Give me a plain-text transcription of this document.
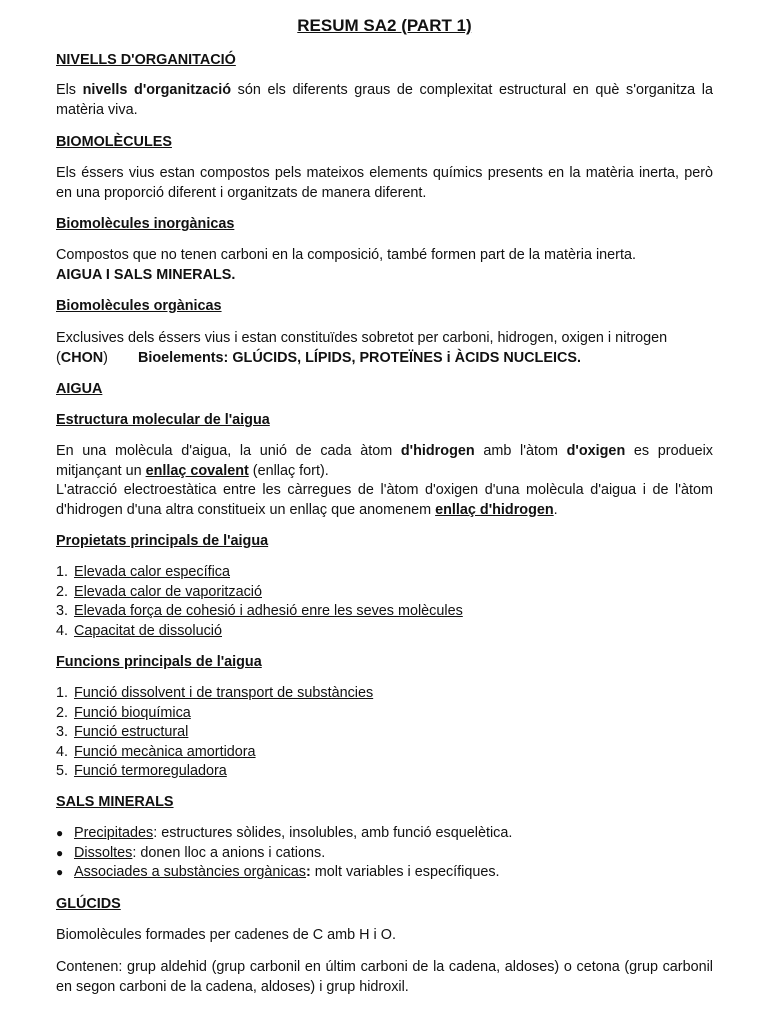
RESUM SA2 (PART 1)
NIVELLS D'ORGANITACIÓ
Els nivells d'organització són els diferents graus de complexitat estructural en què s'organitza la matèria viva.
BIOMOLÈCULES
Els éssers vius estan compostos pels mateixos elements químics presents en la matèria inerta, però en una proporció diferent i organitzats de manera diferent.
Biomolècules inorgànicas
Compostos que no tenen carboni en la composició, també formen part de la matèria inerta.
AIGUA I SALS MINERALS.
Biomolècules orgànicas
Exclusives dels éssers vius i estan constituïdes sobretot per carboni, hidrogen, oxigen i nitrogen
(CHON) Bioelements: GLÚCIDS, LÍPIDS, PROTEÏNES i ÀCIDS NUCLEICS.
AIGUA
Estructura molecular de l'aigua
En una molècula d'aigua, la unió de cada àtom d'hidrogen amb l'àtom d'oxigen es produeix mitjançant un enllaç covalent (enllaç fort).
L'atracció electroestàtica entre les càrregues de l'àtom d'oxigen d'una molècula d'aigua i de l'àtom d'hidrogen d'una altra constitueix un enllaç que anomenem enllaç d'hidrogen.
Propietats principals de l'aigua
1. Elevada calor específica
2. Elevada calor de vaporització
3. Elevada força de cohesió i adhesió enre les seves molècules
4. Capacitat de dissolució
Funcions principals de l'aigua
1. Funció dissolvent i de transport de substàncies
2. Funció bioquímica
3. Funció estructural
4. Funció mecànica amortidora
5. Funció termoreguladora
SALS MINERALS
● Precipitades: estructures sòlides, insolubles, amb funció esquelètica.
● Dissoltes: donen lloc a anions i cations.
● Associades a substàncies orgànicas: molt variables i específiques.
GLÚCIDS
Biomolècules formades per cadenes de C amb H i O.
Contenen: grup aldehid (grup carbonil en últim carboni de la cadena, aldoses) o cetona (grup carbonil en segon carboni de la cadena, aldoses) i grup hidroxil.
